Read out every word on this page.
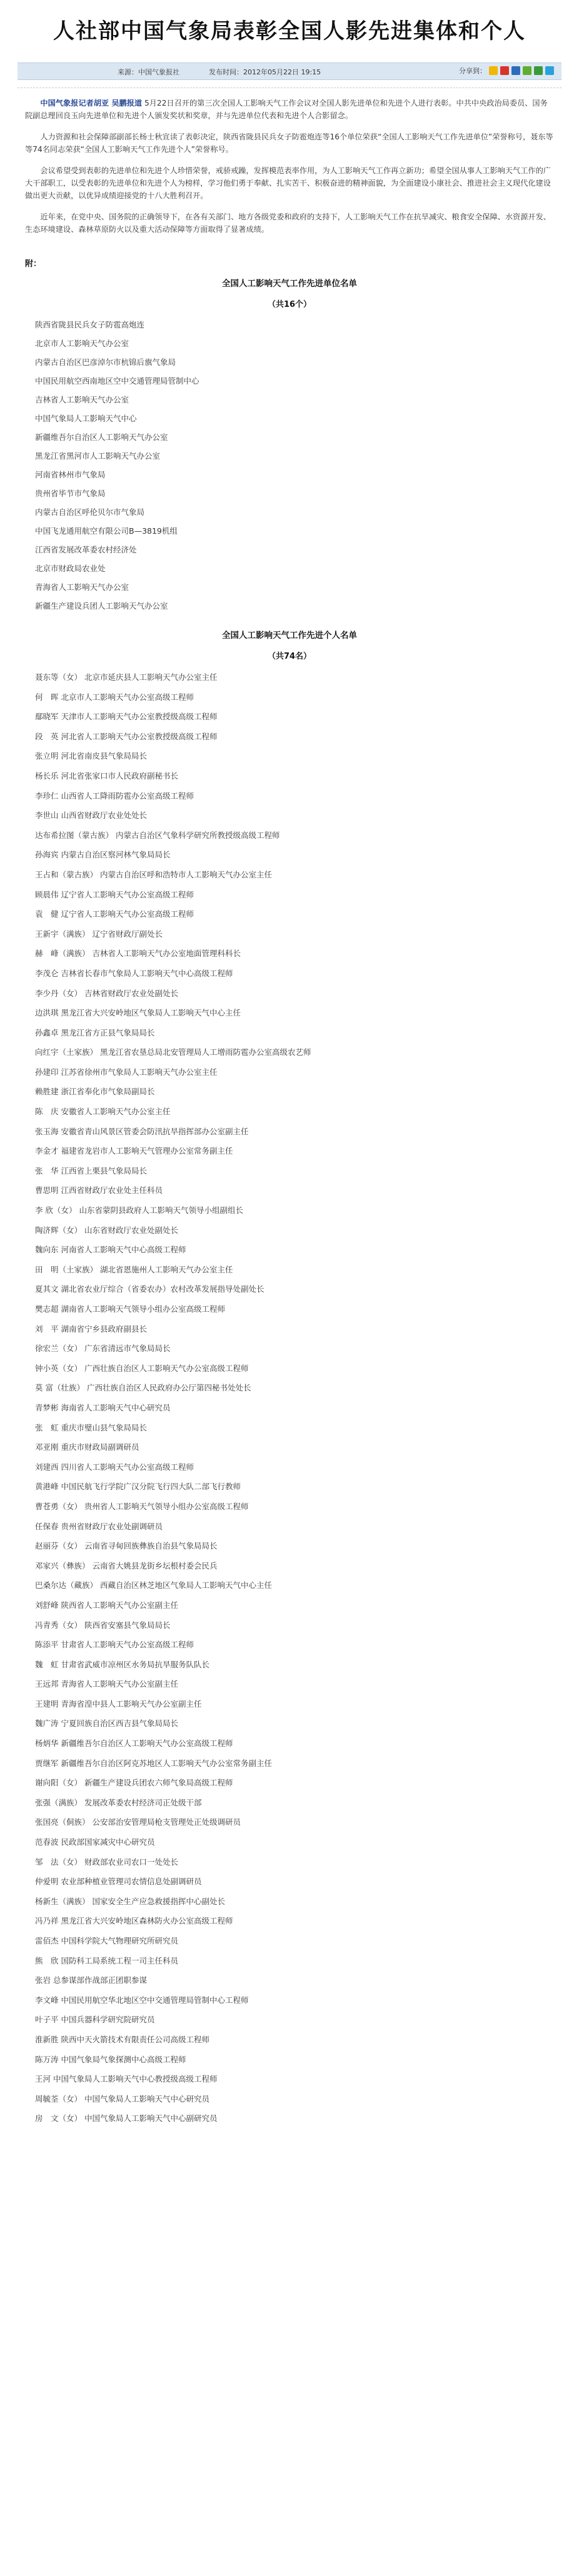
人社部中国气象局表彰全国人影先进集体和个人
来源：中国气象报社	发布时间：2012年05月22日 19:15	分享到：
中国气象报记者胡亚 吴鹏报道 5月22日召开的第三次全国人工影响天气工作会议对全国人影先进单位和先进个人进行表彰。中共中央政治局委员、国务院副总理回良玉向先进单位和先进个人颁发奖状和奖章，并与先进单位代表和先进个人合影留念。
人力资源和社会保障部副部长杨士秋宣读了表彰决定，陕西省陇县民兵女子防雹炮连等16个单位荣获“全国人工影响天气工作先进单位”荣誉称号，聂东等等74名同志荣获“全国人工影响天气工作先进个人”荣誉称号。
会议希望受到表彰的先进单位和先进个人珍惜荣誉，戒骄戒躁，发挥模范表率作用，为人工影响天气工作再立新功；希望全国从事人工影响天气工作的广大干部职工，以受表彰的先进单位和先进个人为榜样，学习他们勇于奉献、扎实苦干、积极奋进的精神面貌，为全面建设小康社会、推进社会主义现代化建设做出更大贡献，以优异成绩迎接党的十八大胜利召开。
近年来，在党中央、国务院的正确领导下，在各有关部门、地方各级党委和政府的支持下，人工影响天气工作在抗旱减灾、粮食安全保障、水资源开发、生态环境建设、森林草原防火以及重大活动保障等方面取得了显著成绩。
附：
全国人工影响天气工作先进单位名单
（共16个）
陕西省陇县民兵女子防雹高炮连
北京市人工影响天气办公室
内蒙古自治区巴彦淖尔市杭锦后旗气象局
中国民用航空西南地区空中交通管理局管制中心
吉林省人工影响天气办公室
中国气象局人工影响天气中心
新疆维吾尔自治区人工影响天气办公室
黑龙江省黑河市人工影响天气办公室
河南省林州市气象局
贵州省毕节市气象局
内蒙古自治区呼伦贝尔市气象局
中国飞龙通用航空有限公司B—3819机组
江西省发展改革委农村经济处
北京市财政局农业处
青海省人工影响天气办公室
新疆生产建设兵团人工影响天气办公室
全国人工影响天气工作先进个人名单
（共74名）
聂东等（女） 北京市延庆县人工影响天气办公室主任
何　晖 北京市人工影响天气办公室高级工程师
鄢晓军 天津市人工影响天气办公室教授级高级工程师
段　英 河北省人工影响天气办公室教授级高级工程师
张立明 河北省南皮县气象局局长
杨长乐 河北省张家口市人民政府副秘书长
李珍仁 山西省人工降雨防雹办公室高级工程师
李世山 山西省财政厅农业处处长
达布希拉图（蒙古族） 内蒙古自治区气象科学研究所教授级高级工程师
孙海宾 内蒙古自治区察河林气象局局长
王占和（蒙古族） 内蒙古自治区呼和浩特市人工影响天气办公室主任
顾晨伟 辽宁省人工影响天气办公室高级工程师
袁　健 辽宁省人工影响天气办公室高级工程师
王新宇（满族） 辽宁省财政厅副处长
赫　峰（满族） 吉林省人工影响天气办公室地面管理科科长
李茂仑 吉林省长春市气象局人工影响天气中心高级工程师
李少丹（女） 吉林省财政厅农业处副处长
边洪琪 黑龙江省大兴安岭地区气象局人工影响天气中心主任
孙鑫卓 黑龙江省方正县气象局局长
向红宇（土家族） 黑龙江省农垦总局北安管理局人工增雨防雹办公室高级农艺师
孙建印 江苏省徐州市气象局人工影响天气办公室主任
赖胜建 浙江省奉化市气象局副局长
陈　庆 安徽省人工影响天气办公室主任
张玉海 安徽省青山风景区管委会防汛抗旱指挥部办公室副主任
李金才 福建省龙岩市人工影响天气管理办公室常务副主任
张　华 江西省上栗县气象局局长
曹思明 江西省财政厅农业处主任科员
李 欣（女） 山东省蒙阴县政府人工影响天气领导小组副组长
陶济辉（女） 山东省财政厅农业处副处长
魏向东 河南省人工影响天气中心高级工程师
田　明（土家族） 湖北省恩施州人工影响天气办公室主任
夏其文 湖北省农业厅综合（省委农办）农村改革发展指导处副处长
樊志超 湖南省人工影响天气领导小组办公室高级工程师
刘　平 湖南省宁乡县政府副县长
徐宏兰（女） 广东省清远市气象局局长
钟小英（女） 广西壮族自治区人工影响天气办公室高级工程师
莫 富（壮族） 广西壮族自治区人民政府办公厅第四秘书处处长
青梦彬 海南省人工影响天气中心研究员
张　虹 重庆市璧山县气象局局长
邓亚刚 重庆市财政局副调研员
刘建西 四川省人工影响天气办公室高级工程师
黄港峰 中国民航飞行学院广汉分院飞行四大队二部飞行教师
曹苍勇（女） 贵州省人工影响天气领导小组办公室高级工程师
任保春 贵州省财政厅农业处副调研员
赵丽芬（女） 云南省寻甸回族彝族自治县气象局局长
邓家兴（彝族） 云南省大姚县龙街乡坛根村委会民兵
巴桑尔达（藏族） 西藏自治区林芝地区气象局人工影响天气中心主任
刘舒峰 陕西省人工影响天气办公室副主任
冯青秀（女） 陕西省安塞县气象局局长
陈添平 甘肃省人工影响天气办公室高级工程师
魏　虹 甘肃省武威市凉州区水务局抗旱服务队队长
王远邦 青海省人工影响天气办公室副主任
王建明 青海省湟中县人工影响天气办公室副主任
魏广涛 宁夏回族自治区西吉县气象局局长
杨炳华 新疆维吾尔自治区人工影响天气办公室高级工程师
贾继军 新疆维吾尔自治区阿克苏地区人工影响天气办公室常务副主任
谢向阳（女） 新疆生产建设兵团农六师气象局高级工程师
张强（满族） 发展改革委农村经济司正处级干部
张国亮（侗族） 公安部治安管理局枪支管理处正处级调研员
范春波 民政部国家减灾中心研究员
邹　法（女） 财政部农业司农口一处处长
仲爱明 农业部种植业管理司农情信息处副调研员
杨新生（满族） 国家安全生产应急救援指挥中心副处长
冯乃祥 黑龙江省大兴安岭地区森林防火办公室高级工程师
雷佰杰 中国科学院大气物理研究所研究员
熊　欣 国防科工局系统工程一司主任科员
张岩 总参谋部作战部正团职参谋
李文峰 中国民用航空华北地区空中交通管理局管制中心工程师
叶子平 中国兵器科学研究院研究员
淮新胜 陕西中天火箭技术有限责任公司高级工程师
陈万涛 中国气象局气象探测中心高级工程师
王河 中国气象局人工影响天气中心教授级高级工程师
周毓荃（女） 中国气象局人工影响天气中心研究员
房　文（女） 中国气象局人工影响天气中心副研究员
